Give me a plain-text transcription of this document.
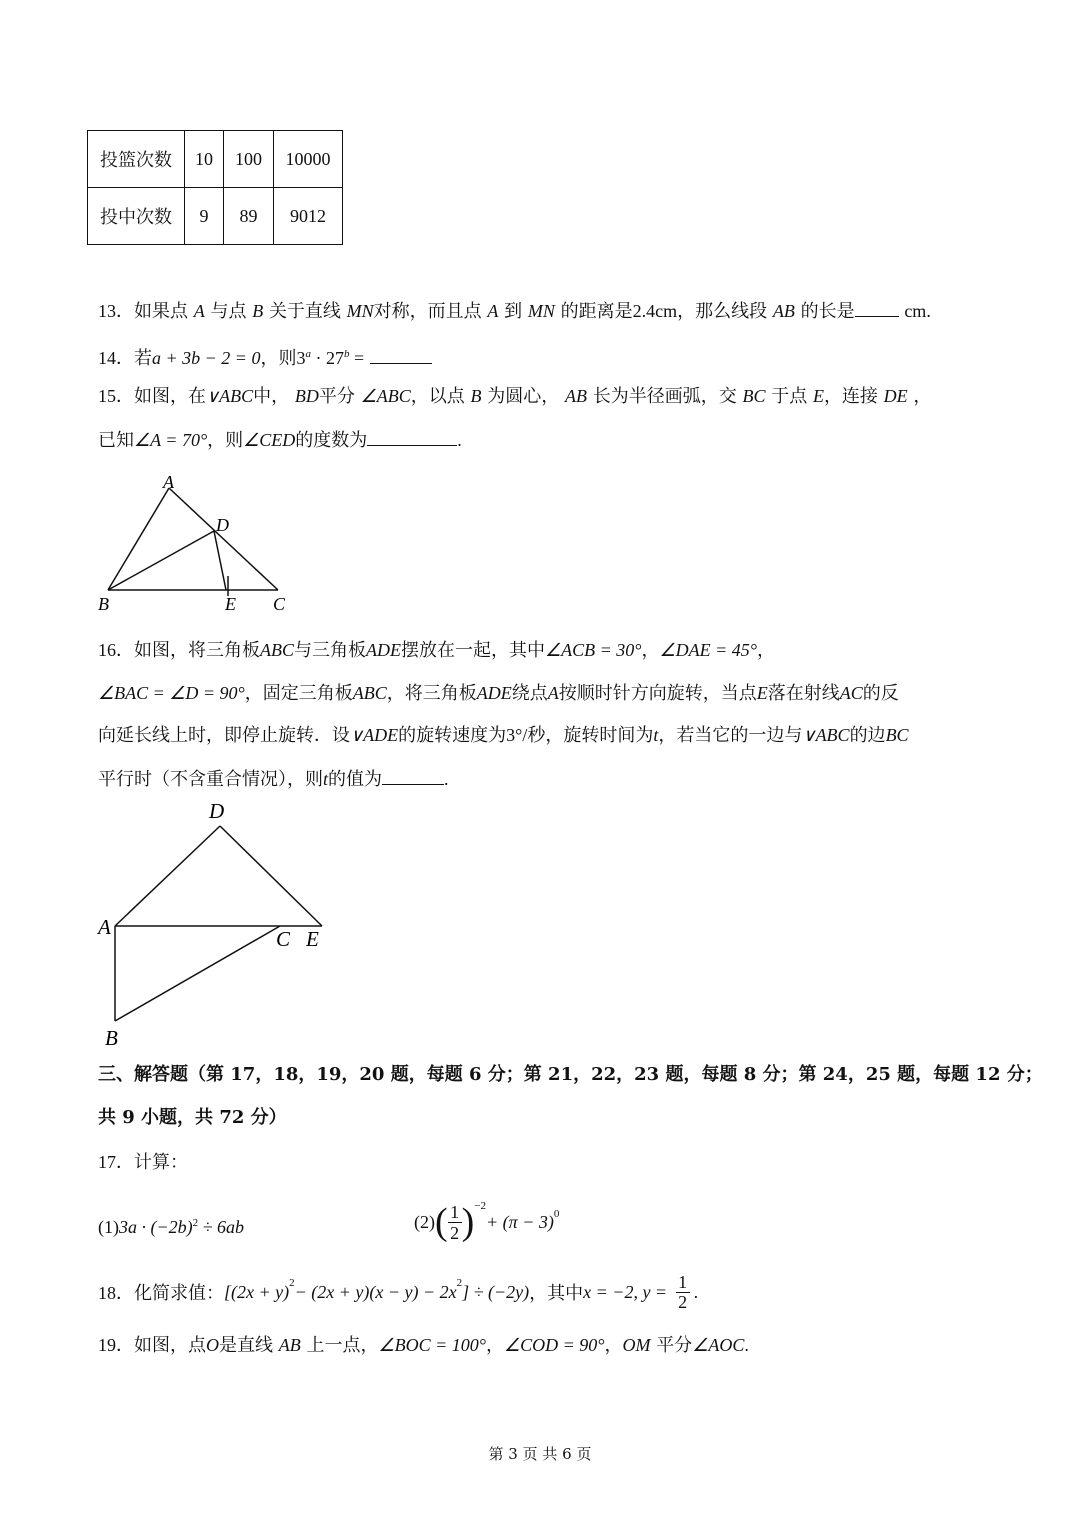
投篮次数	10	100	10000
投中次数	9	89	9012
13．如果点 A 与点 B 关于直线 MN对称，而且点 A 到 MN 的距离是2.4cm，那么线段 AB 的长是	cm.
14．若a + 3b − 2 = 0，则$3^a \cdot 27^b$ =
15．如图，在∨ABC中， BD平分 ∠ABC，以点 B 为圆心， AB 长为半径画弧，交 BC 于点 E，连接 DE ，
已知∠A = 70°，则∠CED的度数为	.
A
D
B	E C
16．如图，将三角板ABC与三角板ADE摆放在一起，其中∠ACB = 30°，∠DAE = 45°，
∠BAC = ∠D = 90°，固定三角板ABC，将三角板ADE绕点A按顺时针方向旋转，当点E落在射线AC的反
向延长线上时，即停止旋转．设∨ADE的旋转速度为3°/秒，旋转时间为t，若当它的一边与∨ABC的边BC
平行时（不含重合情况），则t的值为	.
D
A	C E
B
三、解答题（第 17，18，19，20 题，每题 6 分；第 21，22，23 题，每题 8 分；第 24，25 题，每题 12 分；
共 9 小题，共 72 分）
17．计算：
$(1)3a \cdot (-2b)^2 \div 6ab$	(2) ( 1
2 )$^{-2}$
+ $(\pi - 3)^0$
18． 化简求值： [$(2x + y)^2 - (2x + y)(x - y) - 2x^2$ ] ÷ (−2y) ，其中 x = −2, y = 1
2 .
19．如图，点O是直线 AB 上一点，∠BOC = 100°，∠COD = 90°，OM 平分∠AOC.
第 3 页 共 6 页
